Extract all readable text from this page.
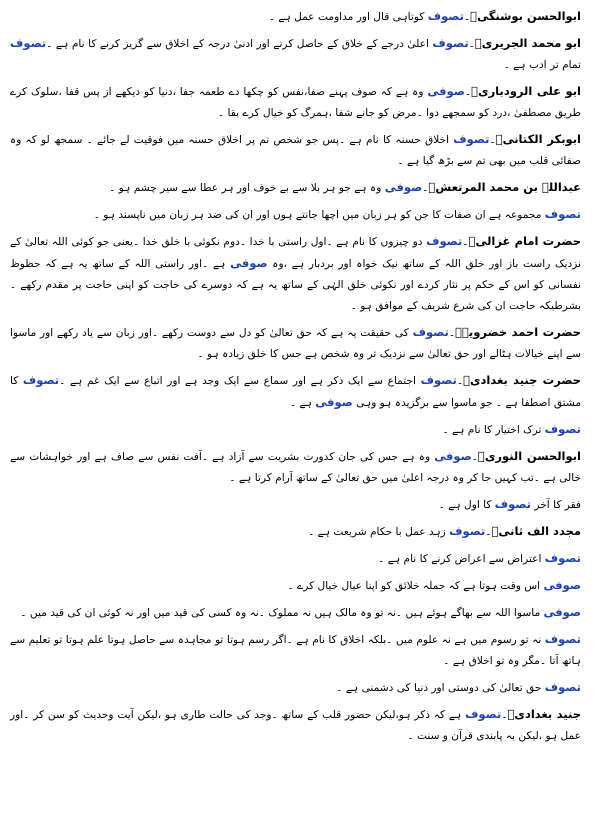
ابوالحسن بوشنگیؒ۔تصوف کوتاہی قال اور مداومت عمل ہے ۔

ابو محمد الجریریؒ۔تصوف اعلیٰ درجے کے خلاق کے حاصل کرنے اور ادنیٰ درجہ کے اخلاق سے گریز کرنے کا نام ہے ۔تصوف تمام تر ادب ہے ۔

ابو علی الرودباریؒ۔صوفی وہ ہے کہ صوف پہنے صفا،نفس کو چکھا دے طعمہ جفا ،دنیا کو دیکھے از پس قفا ،سلوک کرے طریق مصطفیٰ ،درد کو سمجھے دوا ۔مرض کو جانے شفا ،ہمرگ کو خیال کرے بقا ۔

ابوبکر الکتانیؒ۔تصوف اخلاق حسنہ کا نام ہے ۔پس جو شخص تم پر اخلاق حسنہ میں فوقیت لے جائے ۔ سمجھ لو کہ وہ صفائی قلب میں بھی تم سے بڑھ گیا ہے ۔

عبداللہ بن محمد المرتعشؒ۔صوفی وہ ہے جو ہر بلا سے بے خوف اور ہر عطا سے سیر چشم ہو ۔

تصوف مجموعہ ہے ان صفات کا جن کو ہر زبان میں اچھا جانتے ہوں اور ان کی ضد ہر زبان میں ناپسند ہو ۔

حضرت امام غزالیؒ۔تصوف دو چیزوں کا نام ہے ۔اول راستی با خدا ۔دوم نکوئی با خلق خدا ۔یعنی جو کوئی اللہ تعالیٰ کے نزدیک راست باز اور خلق اللہ کے ساتھ نیک خواہ اور بردبار ہے ،وہ صوفی ہے ۔اور راستی اللہ کے ساتھ یہ ہے کہ حظوظ نفسانی کو اس کے حکم پر نثار کردے اور نکوئی خلق الہٰی کے ساتھ یہ ہے کہ دوسرے کی حاجت کو اپنی حاجت پر مقدم رکھے ۔بشرطیکہ حاجت ان کی شرع شریف کے موافق ہو ۔

حضرت احمد خضرویہؒ۔تصوف کی حقیقت یہ ہے کہ حق تعالیٰ کو دل سے دوست رکھے ۔اور زبان سے یاد رکھے اور ماسوا سے اپنے خیالات ہٹالے اور حق تعالیٰ سے نزدیک تر وہ شخص ہے جس کا خلق زیادہ ہو ۔

حضرت جنید بغدادیؒ۔تصوف اجتماع سے ایک ذکر ہے اور سماع سے ایک وجد ہے اور اتباع سے ایک غم ہے ۔تصوف کا مشتق اصطفا ہے ۔ جو ماسوا سے برگزیدہ ہو وہی صوفی ہے ۔

تصوف ترک اختیار کا نام ہے ۔

ابوالحسن النوریؒ۔صوفی وہ ہے جس کی جان کدورت بشریت سے آزاد ہے ۔آفت نفس سے صاف ہے اور خواہشات سے خالی ہے ۔تب کہیں جا کر وہ درجہ اعلیٰ میں حق تعالیٰ کے ساتھ آرام کرتا ہے ۔

فقر کا آخر تصوف کا اول ہے ۔

مجدد الف ثانیؒ۔تصوف زہد عمل با حکام شریعت ہے ۔

تصوف اعتراض سے اعراض کرنے کا نام ہے ۔

صوفی اس وقت ہوتا ہے کہ جملہ خلائق کو اپنا عیال خیال کرے ۔

صوفی ماسوا اللہ سے بھاگے ہوئے ہیں ۔نہ تو وہ مالک ہیں نہ مملوک ۔نہ وہ کسی کی قید میں اور نہ کوئی ان کی قید میں ۔

تصوف نہ تو رسوم میں ہے نہ علوم میں ۔بلکہ اخلاق کا نام ہے ۔اگر رسم ہوتا تو مجاہدہ سے حاصل ہوتا علم ہوتا تو تعلیم سے ہاتھ آتا ۔مگر وہ تو اخلاق ہے ۔

تصوف حق تعالیٰ کی دوستی اور دنیا کی دشمنی ہے ۔

جنید بغدادیؒ۔تصوف ہے کہ ذکر ہو،لیکن حضور قلب کے ساتھ ۔وجد کی حالت طاری ہو ،لیکن آیت وحدیث کو سن کر ۔اور عمل ہو ،لیکن بہ پابندی قرآن و سنت ۔
